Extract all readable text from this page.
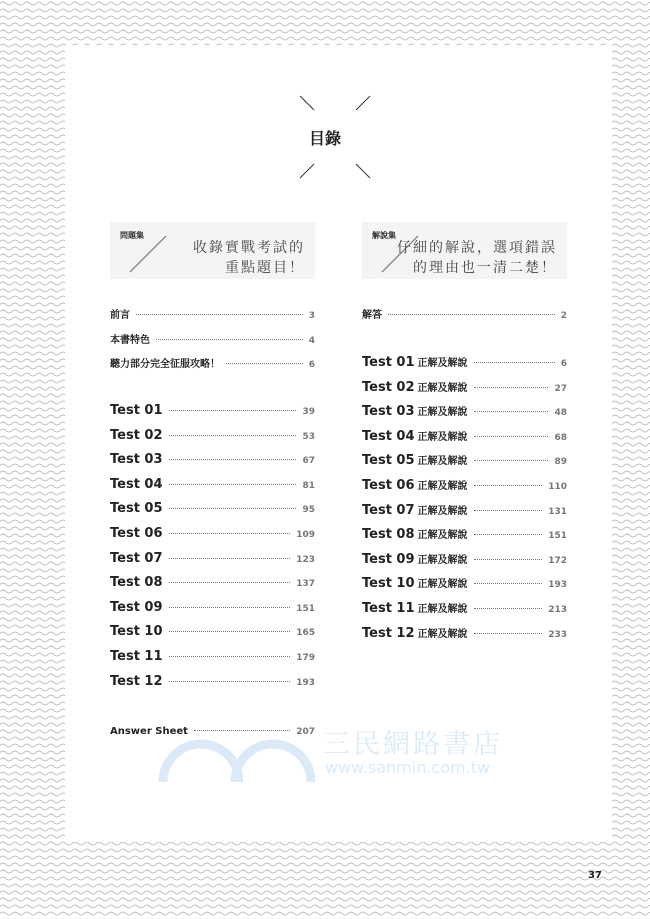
目錄
問題集
收錄實戰考試的
重點題目！
解說集
仔細的解說，選項錯誤
的理由也一清二楚！
前言	3
本書特色	4
聽力部分完全征服攻略！	6
Test 01	39
Test 02	53
Test 03	67
Test 04	81
Test 05	95
Test 06	109
Test 07	123
Test 08	137
Test 09	151
Test 10	165
Test 11	179
Test 12	193
解答	2
Test 01 正解及解說	6
Test 02 正解及解說	27
Test 03 正解及解說	48
Test 04 正解及解說	68
Test 05 正解及解說	89
Test 06 正解及解說	110
Test 07 正解及解說	131
Test 08 正解及解說	151
Test 09 正解及解說	172
Test 10 正解及解說	193
Test 11 正解及解說	213
Test 12 正解及解說	233
Answer Sheet	207 三民網路書店
www.sanmin.com.tw
37
